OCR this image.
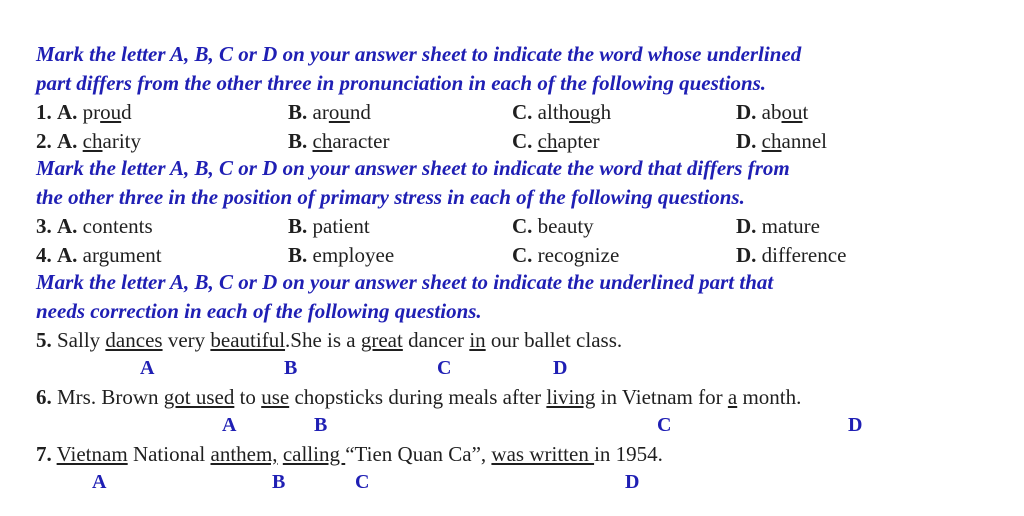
Mark the letter A, B, C or D on your answer sheet to indicate the word whose underlined
part differs from the other three in pronunciation in each of the following questions.
1. A. proud	B. around	C. although	D. about
2. A. charity	B. character	C. chapter	D. channel
Mark the letter A, B, C or D on your answer sheet to indicate the word that differs from
the other three in the position of primary stress in each of the following questions.
3. A. contents	B. patient	C. beauty	D. mature
4. A. argument	B. employee	C. recognize	D. difference
Mark the letter A, B, C or D on your answer sheet to indicate the underlined part that
needs correction in each of the following questions.
5. Sally dances very beautiful.She is a great dancer in our ballet class.
A	B	C	D
6. Mrs. Brown got used to use chopsticks during meals after living in Vietnam for a month.
A	B	C	D
7. Vietnam National anthem, calling “Tien Quan Ca”, was written in 1954.
A	B	C	D
